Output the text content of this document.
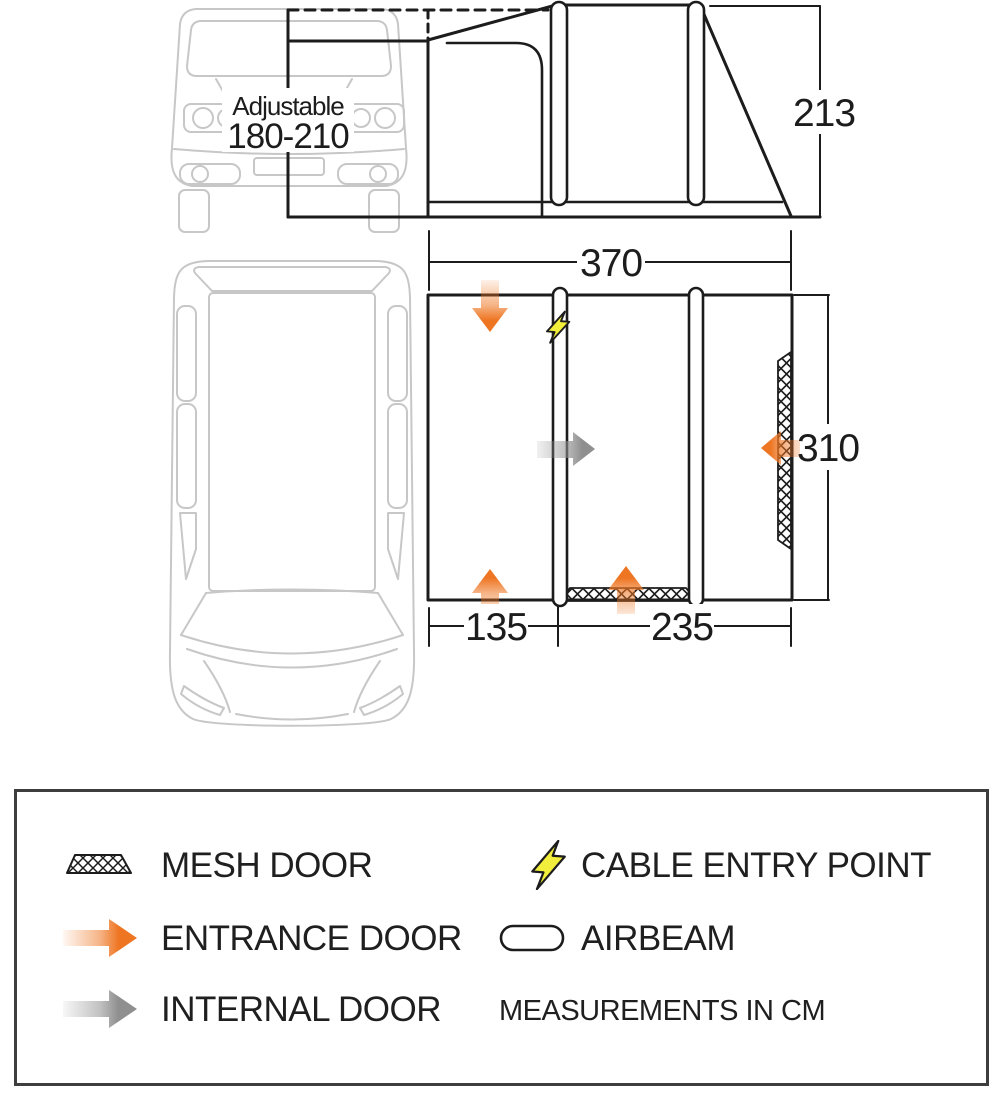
Adjustable
180-210
213
370
310
135	235
MESH DOOR
ENTRANCE DOOR
INTERNAL DOOR
CABLE ENTRY POINT
AIRBEAM
MEASUREMENTS IN CM
